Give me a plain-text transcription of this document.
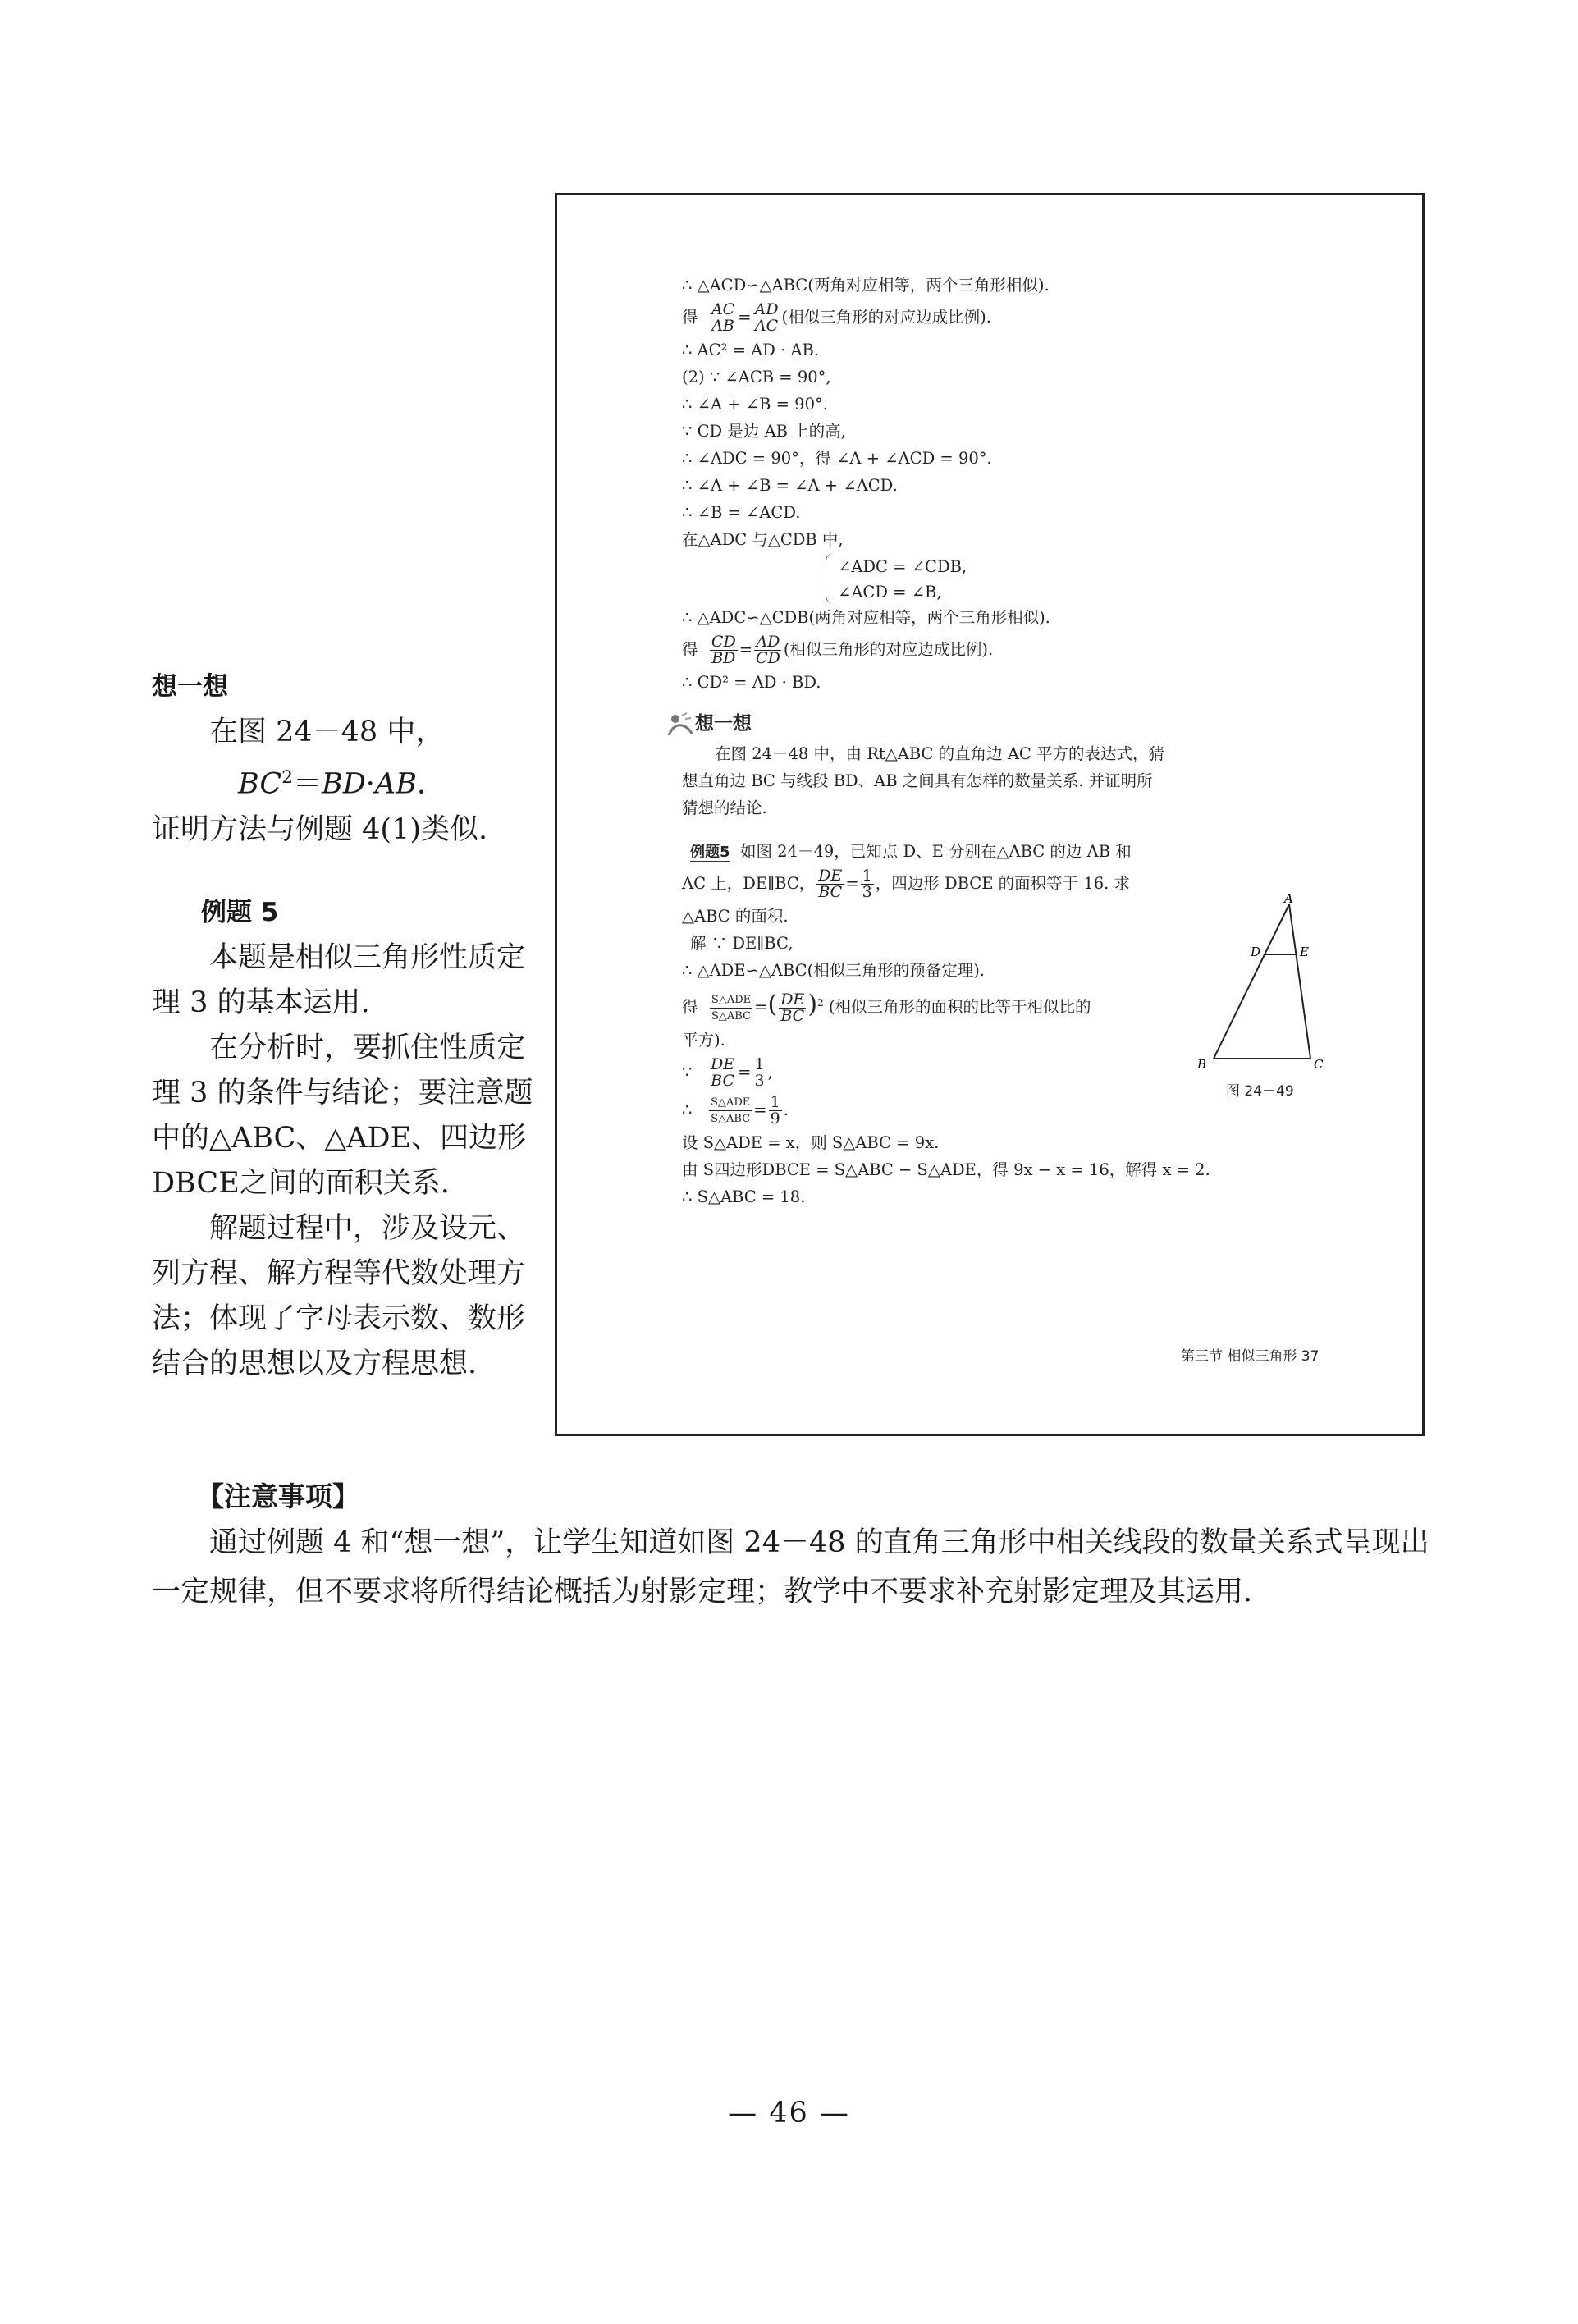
想一想

在图 24－48 中，

$BC^2=BD\cdot AB$.

证明方法与例题 4(1)类似.

例题 5

本题是相似三角形性质定理 3 的基本运用.

在分析时，要抓住性质定理 3 的条件与结论；要注意题中的△ABC、△ADE、四边形DBCE之间的面积关系.

解题过程中，涉及设元、列方程、解方程等代数处理方法；体现了字母表示数、数形结合的思想以及方程思想.

∴ △ACD∽△ABC(两角对应相等，两个三角形相似).
得 $\frac{AC}{AB} = \frac{AD}{AC}$ (相似三角形的对应边成比例).
∴ AC² = AD · AB.
(2) ∵ ∠ACB = 90°,
∴ ∠A + ∠B = 90°.
∵ CD 是边 AB 上的高,
∴ ∠ADC = 90°，得 ∠A + ∠ACD = 90°.
∴ ∠A + ∠B = ∠A + ∠ACD.
∴ ∠B = ∠ACD.
在△ADC 与△CDB 中,
∠ADC = ∠CDB,
∠ACD = ∠B,
∴ △ADC∽△CDB(两角对应相等，两个三角形相似).
得 $\frac{CD}{BD} = \frac{AD}{CD}$ (相似三角形的对应边成比例).
∴ CD² = AD · BD.
想一想
在图 24－48 中，由 Rt△ABC 的直角边 AC 平方的表达式，猜想直角边 BC 与线段 BD、AB 之间具有怎样的数量关系. 并证明所猜想的结论.
例题5 如图 24－49，已知点 D、E 分别在△ABC 的边 AB 和
AC 上，DE∥BC， $\frac{DE}{BC} = \frac{1}{3}$ ，四边形 DBCE 的面积等于 16. 求
△ABC 的面积.
解 ∵ DE∥BC,
∴ △ADE∽△ABC(相似三角形的预备定理).
得 $\frac{\text{S△ADE}}{\text{S△ABC}}$ =( $\frac{DE}{BC} )^2$ (相似三角形的面积的比等于相似比的
平方).
∵ $\frac{DE}{BC} = \frac{1}{3}$ ,
∴ $\frac{\text{S△ADE}}{\text{S△ABC}} = \frac{1}{9}$ .
设 S△ADE = x，则 S△ABC = 9x.
由 S四边形DBCE = S△ABC − S△ADE，得 9x − x = 16，解得 x = 2.
∴ S△ABC = 18.
A
D	E
B	C
图 24－49
第三节 相似三角形 37
【注意事项】
通过例题 4 和“想一想”，让学生知道如图 24－48 的直角三角形中相关线段的数量关系式呈现出一定规律，但不要求将所得结论概括为射影定理；教学中不要求补充射影定理及其运用.
— 46 —
